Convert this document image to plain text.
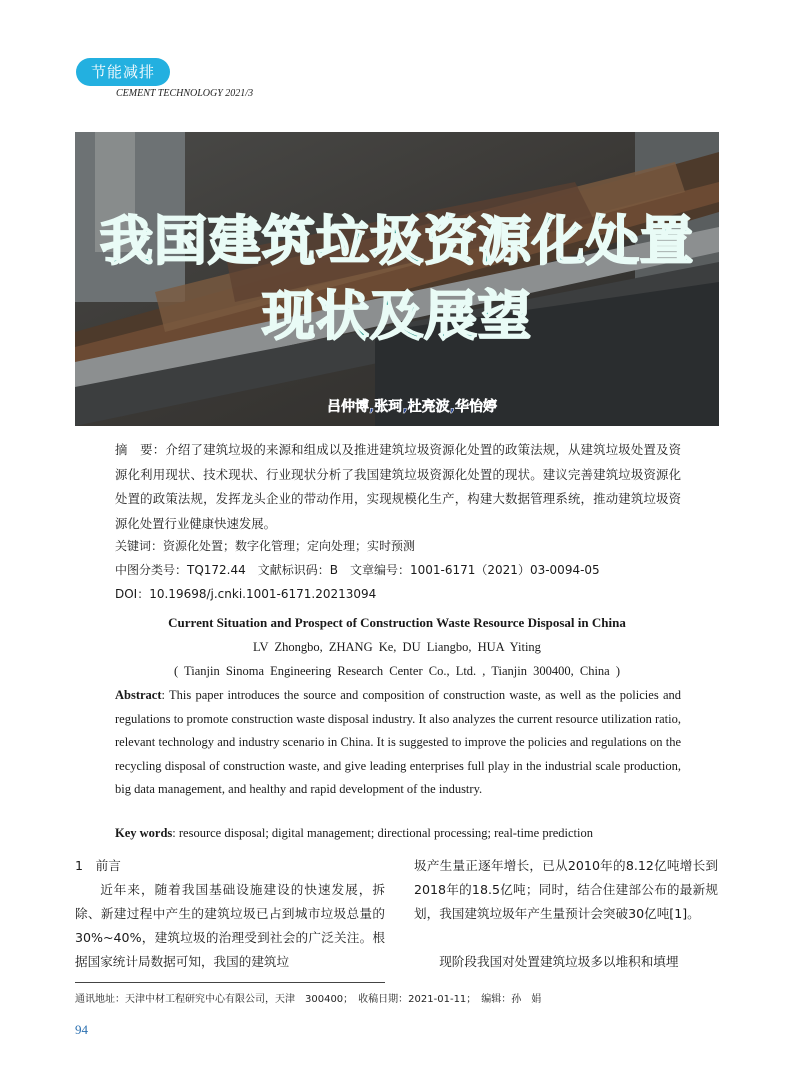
节能减排
CEMENT TECHNOLOGY 2021/3
我国建筑垃圾资源化处置
现状及展望
吕仲博,张珂,杜亮波,华怡婷
摘　要：介绍了建筑垃圾的来源和组成以及推进建筑垃圾资源化处置的政策法规，从建筑垃圾处置及资源化利用现状、技术现状、行业现状分析了我国建筑垃圾资源化处置的现状。建议完善建筑垃圾资源化处置的政策法规，发挥龙头企业的带动作用，实现规模化生产，构建大数据管理系统，推动建筑垃圾资源化处置行业健康快速发展。
关键词：资源化处置；数字化管理；定向处理；实时预测
中图分类号：TQ172.44　文献标识码：B　文章编号：1001-6171（2021）03-0094-05
DOI：10.19698/j.cnki.1001-6171.20213094
Current Situation and Prospect of Construction Waste Resource Disposal in China
LV Zhongbo, ZHANG Ke, DU Liangbo, HUA Yiting
( Tianjin Sinoma Engineering Research Center Co., Ltd. , Tianjin 300400, China )
Abstract: This paper introduces the source and composition of construction waste, as well as the policies and regulations to promote construction waste disposal industry. It also analyzes the current resource utilization ratio, relevant technology and industry scenario in China. It is suggested to improve the policies and regulations on the recycling disposal of construction waste, and give leading enterprises full play in the industrial scale production, big data management, and healthy and rapid development of the industry.
Key words: resource disposal; digital management; directional processing; real-time prediction
1　前言
近年来，随着我国基础设施建设的快速发展，拆除、新建过程中产生的建筑垃圾已占到城市垃圾总量的30%~40%，建筑垃圾的治理受到社会的广泛关注。根据国家统计局数据可知，我国的建筑垃
圾产生量正逐年增长，已从2010年的8.12亿吨增长到2018年的18.5亿吨；同时，结合住建部公布的最新规划，我国建筑垃圾年产生量预计会突破30亿吨[1]。
现阶段我国对处置建筑垃圾多以堆积和填埋
通讯地址：天津中材工程研究中心有限公司，天津　300400；　收稿日期：2021-01-11；　编辑：孙　娟
94
